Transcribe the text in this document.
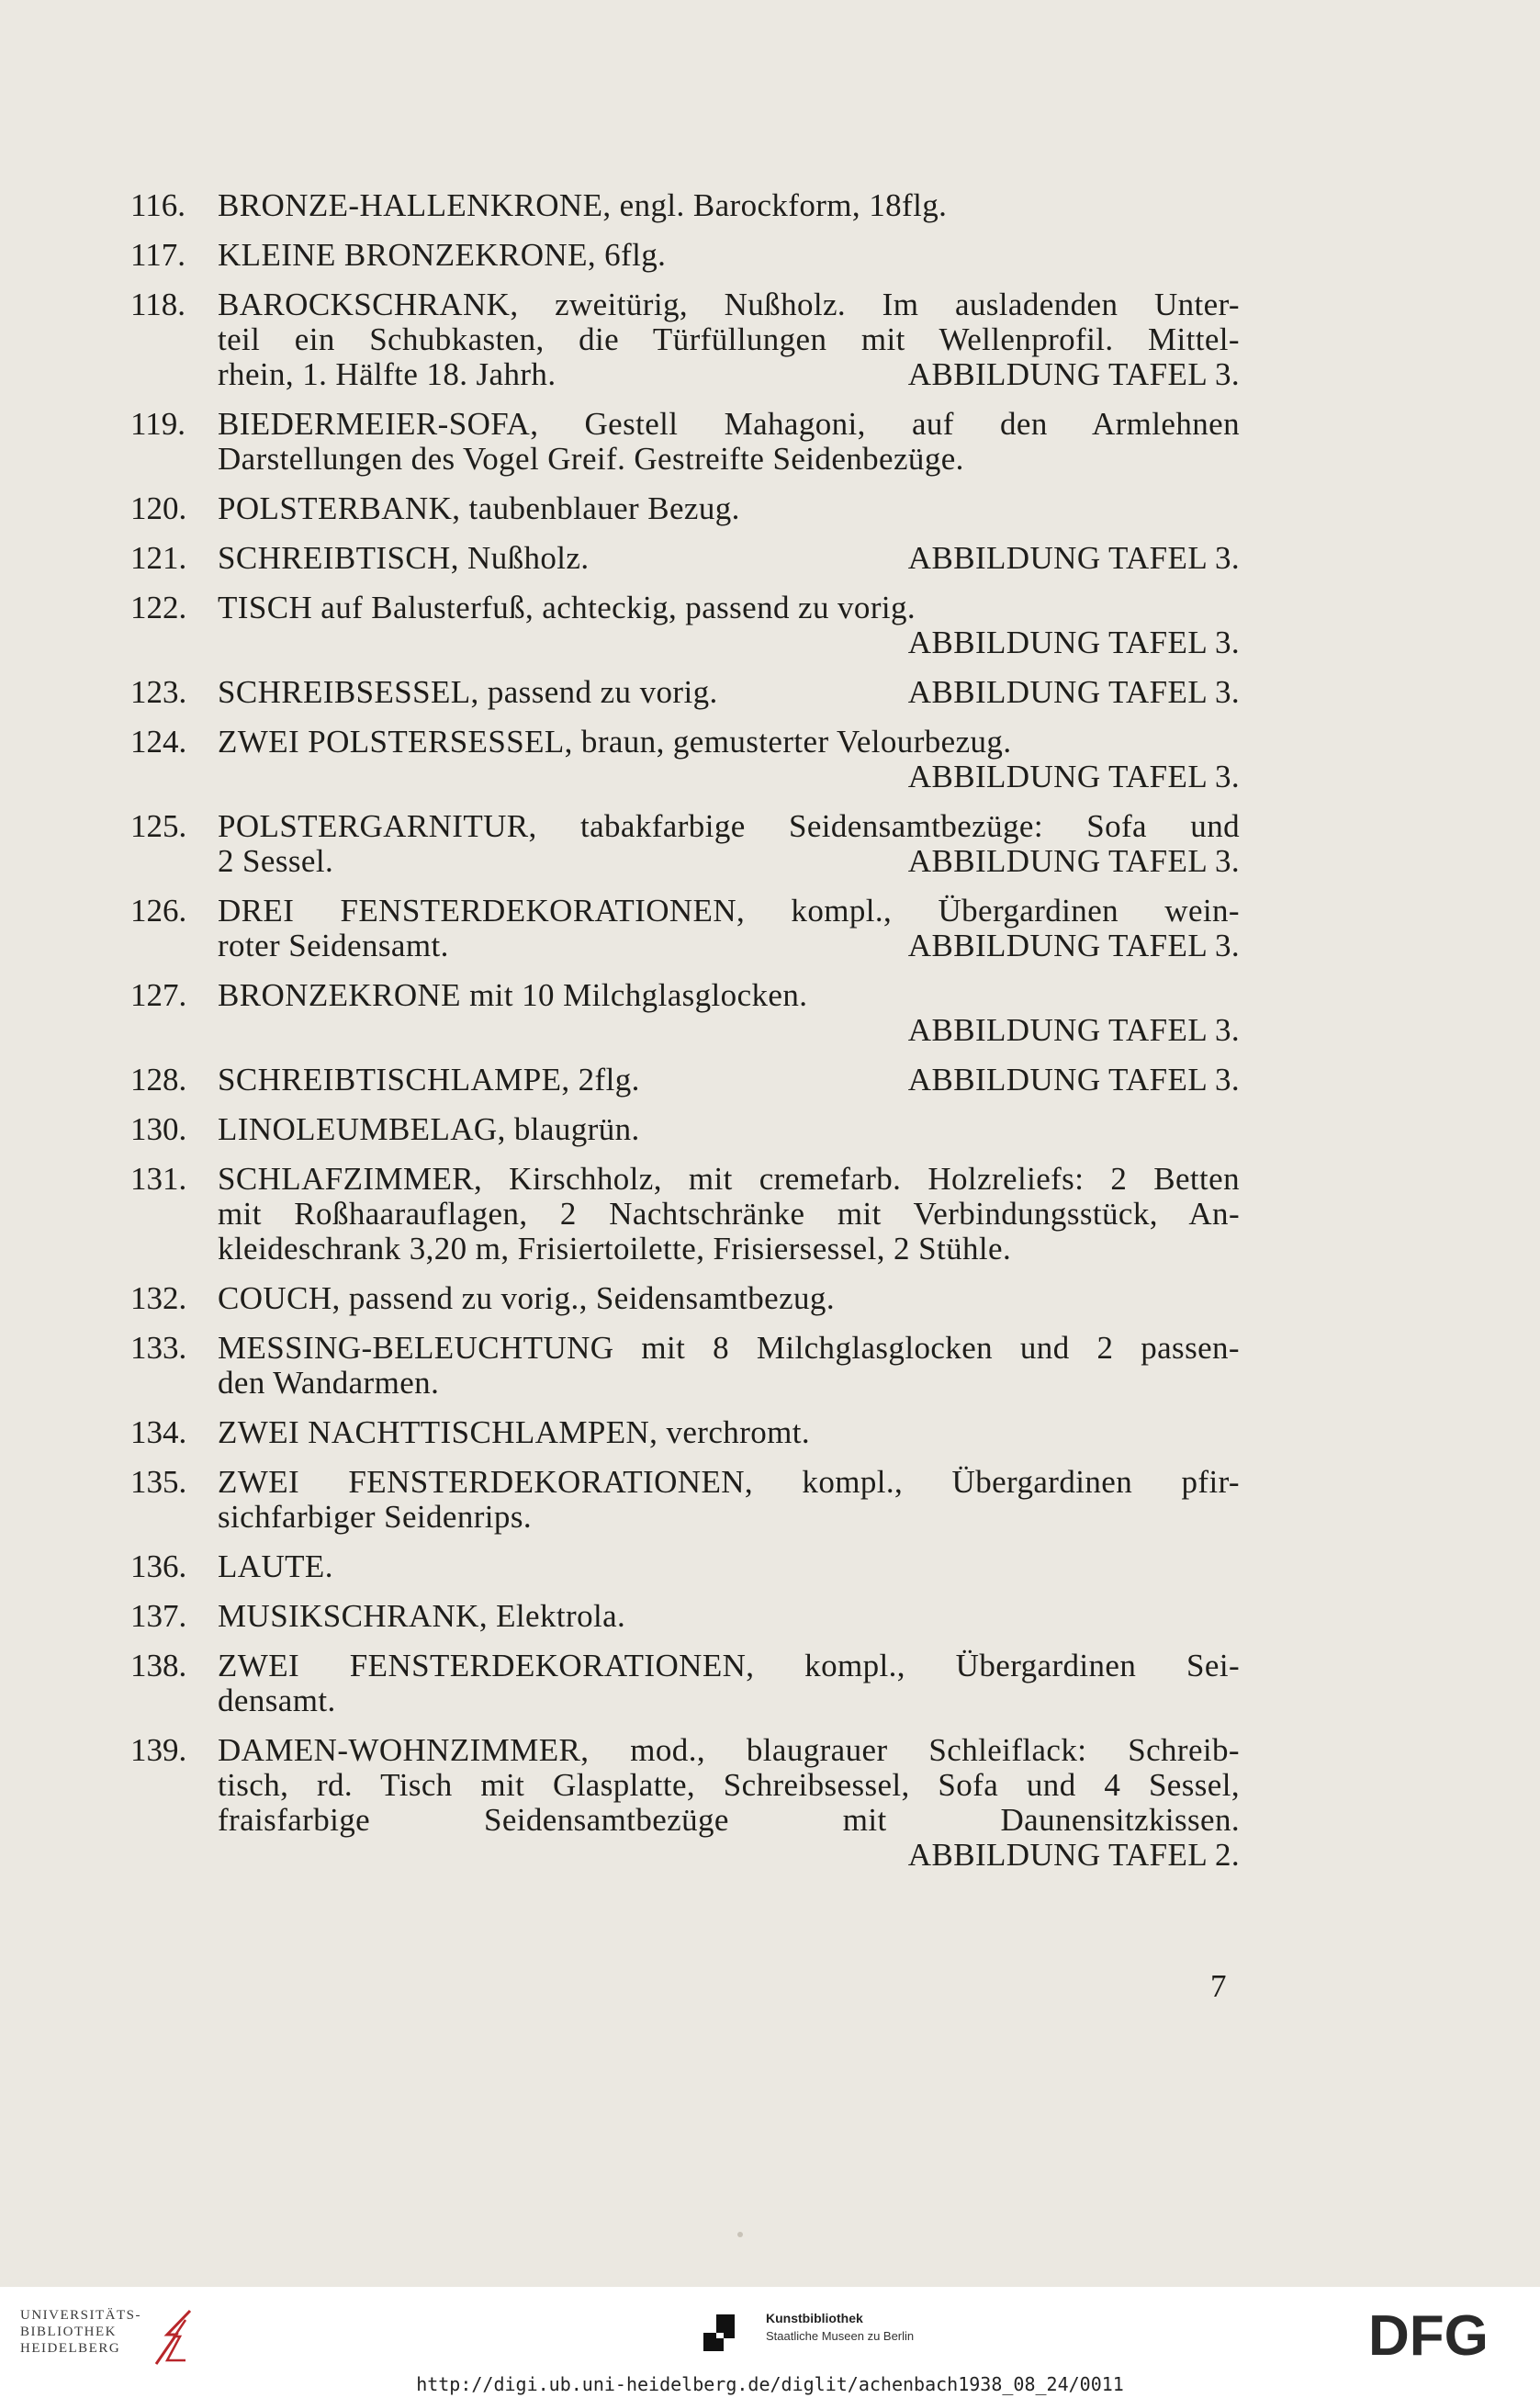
116. BRONZE-HALLENKRONE, engl. Barockform, 18flg.
117. KLEINE BRONZEKRONE, 6flg.
118. BAROCKSCHRANK, zweitürig, Nußholz. Im ausladenden Unter-
teil ein Schubkasten, die Türfüllungen mit Wellenprofil. Mittel-
rhein, 1. Hälfte 18. Jahrh.	ABBILDUNG TAFEL 3.
119. BIEDERMEIER-SOFA, Gestell Mahagoni, auf den Armlehnen
Darstellungen des Vogel Greif. Gestreifte Seidenbezüge.
120. POLSTERBANK, taubenblauer Bezug.
121. SCHREIBTISCH, Nußholz.	ABBILDUNG TAFEL 3.
122. TISCH auf Balusterfuß, achteckig, passend zu vorig.
ABBILDUNG TAFEL 3.
123. SCHREIBSESSEL, passend zu vorig.	ABBILDUNG TAFEL 3.
124. ZWEI POLSTERSESSEL, braun, gemusterter Velourbezug.
ABBILDUNG TAFEL 3.
125. POLSTERGARNITUR, tabakfarbige Seidensamtbezüge: Sofa und
2 Sessel.	ABBILDUNG TAFEL 3.
126. DREI FENSTERDEKORATIONEN, kompl., Übergardinen wein-
roter Seidensamt.	ABBILDUNG TAFEL 3.
127. BRONZEKRONE mit 10 Milchglasglocken.
ABBILDUNG TAFEL 3.
128. SCHREIBTISCHLAMPE, 2flg.	ABBILDUNG TAFEL 3.
130. LINOLEUMBELAG, blaugrün.
131. SCHLAFZIMMER, Kirschholz, mit cremefarb. Holzreliefs: 2 Betten
mit Roßhaarauflagen, 2 Nachtschränke mit Verbindungsstück, An-
kleideschrank 3,20 m, Frisiertoilette, Frisiersessel, 2 Stühle.
132. COUCH, passend zu vorig., Seidensamtbezug.
133. MESSING-BELEUCHTUNG mit 8 Milchglasglocken und 2 passen-
den Wandarmen.
134. ZWEI NACHTTISCHLAMPEN, verchromt.
135. ZWEI FENSTERDEKORATIONEN, kompl., Übergardinen pfir-
sichfarbiger Seidenrips.
136. LAUTE.
137. MUSIKSCHRANK, Elektrola.
138. ZWEI FENSTERDEKORATIONEN, kompl., Übergardinen Sei-
densamt.
139. DAMEN-WOHNZIMMER, mod., blaugrauer Schleiflack: Schreib-
tisch, rd. Tisch mit Glasplatte, Schreibsessel, Sofa und 4 Sessel,
fraisfarbige Seidensamtbezüge mit Daunensitzkissen.
ABBILDUNG TAFEL 2.
7
UNIVERSITÄTS-
BIBLIOTHEK
HEIDELBERG
Kunstbibliothek
Staatliche Museen zu Berlin	DFG
http://digi.ub.uni-heidelberg.de/diglit/achenbach1938_08_24/0011
